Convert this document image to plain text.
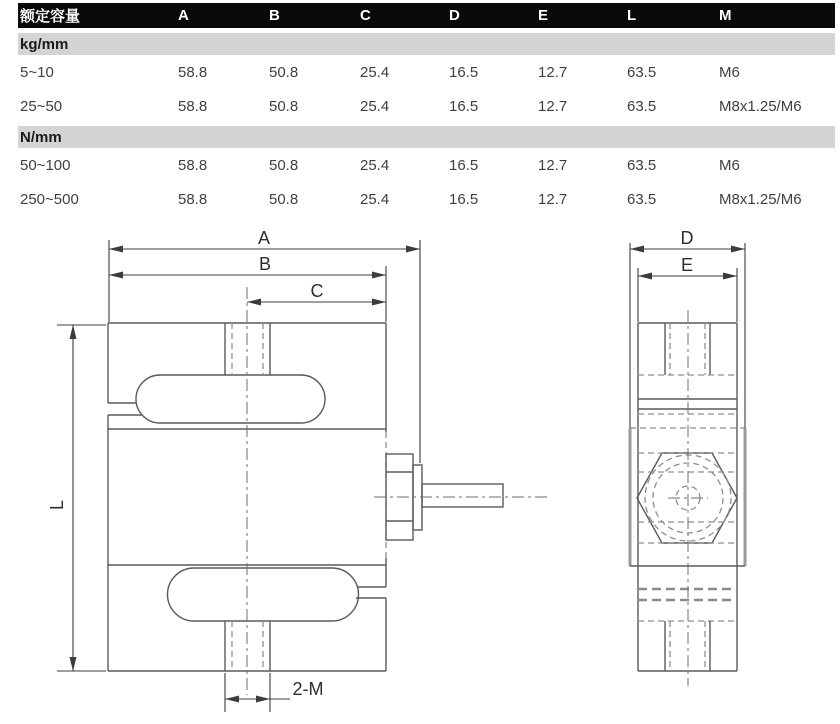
额定容量	A	B	C	D	E	L	M
kg/mm
5~10	58.8	50.8	25.4	16.5	12.7	63.5	M6
25~50	58.8	50.8	25.4	16.5	12.7	63.5	M8x1.25/M6
N/mm
50~100	58.8	50.8	25.4	16.5	12.7	63.5	M6
250~500	58.8	50.8	25.4	16.5	12.7	63.5	M8x1.25/M6
A
B
C
L
2-M
D
E
